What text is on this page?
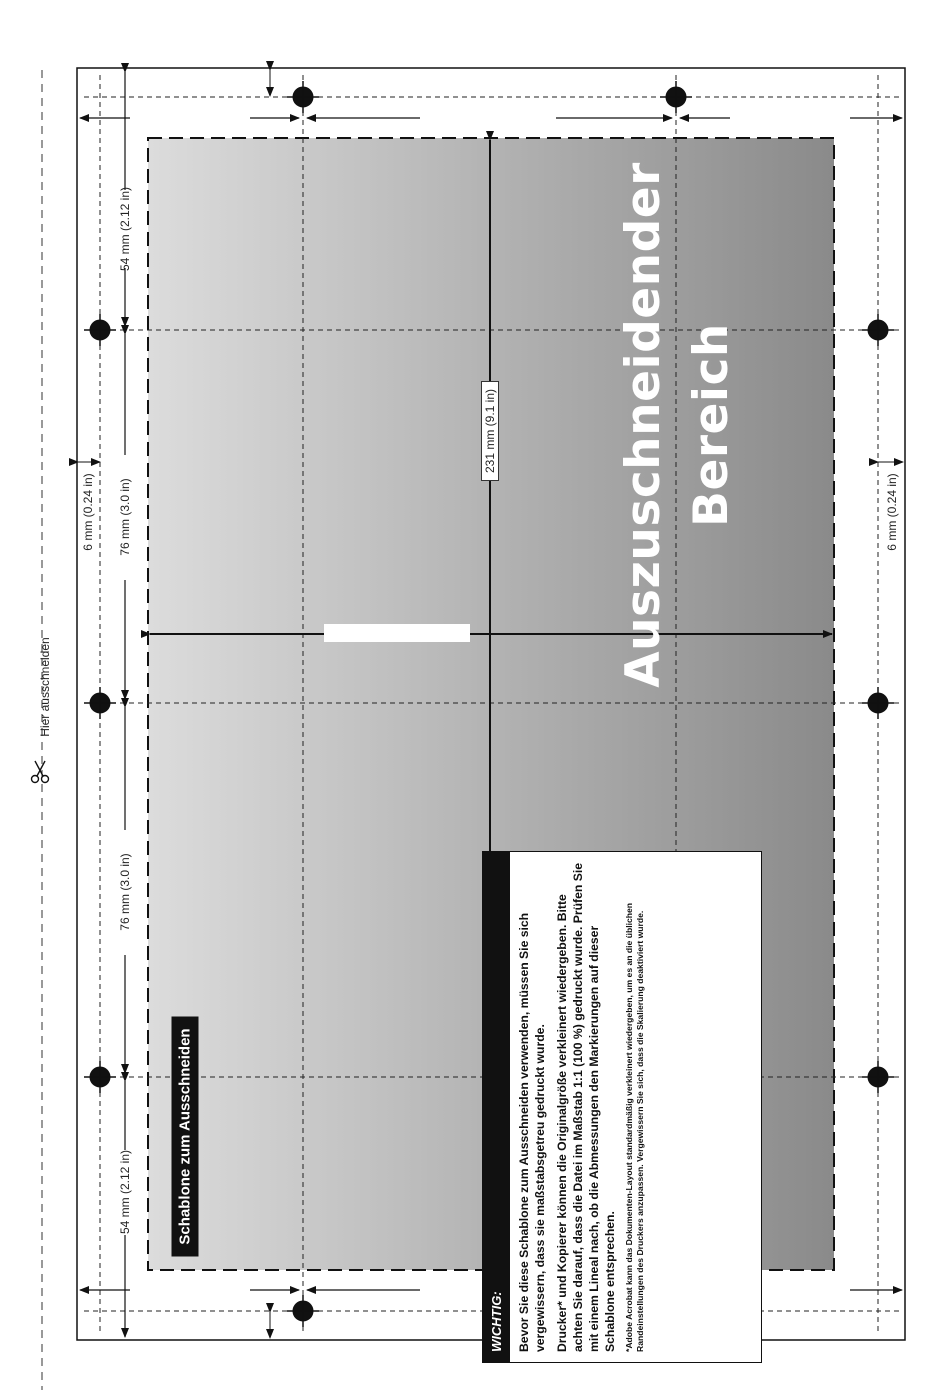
Hier ausschneiden
54 mm (2.12 in)
76 mm (3.0 in)
76 mm (3.0 in)
54 mm (2.12 in)
6 mm (0.24 in)	6 mm (0.24 in)
231 mm (9.1 in)	Auszuschneidender Bereich
Schablone zum Ausschneiden
WICHTIG:	Bevor Sie diese Schablone zum Ausschneiden verwenden, müssen Sie sich vergewissern, dass sie maßstabsgetreu gedruckt wurde. Drucker* und Kopierer können die Originalgröße verkleinert wiedergeben. Bitte achten Sie darauf, dass die Datei im Maßstab 1:1 (100 %) gedruckt wurde. Prüfen Sie mit einem Lineal nach, ob die Abmessungen den Markierungen auf dieser Schablone entsprechen. *Adobe Acrobat kann das Dokumenten-Layout standardmäßig verkleinert wiedergeben, um es an die üblichen Randeinstellungen des Druckers anzupassen. Vergewissern Sie sich, dass die Skalierung deaktiviert wurde.
